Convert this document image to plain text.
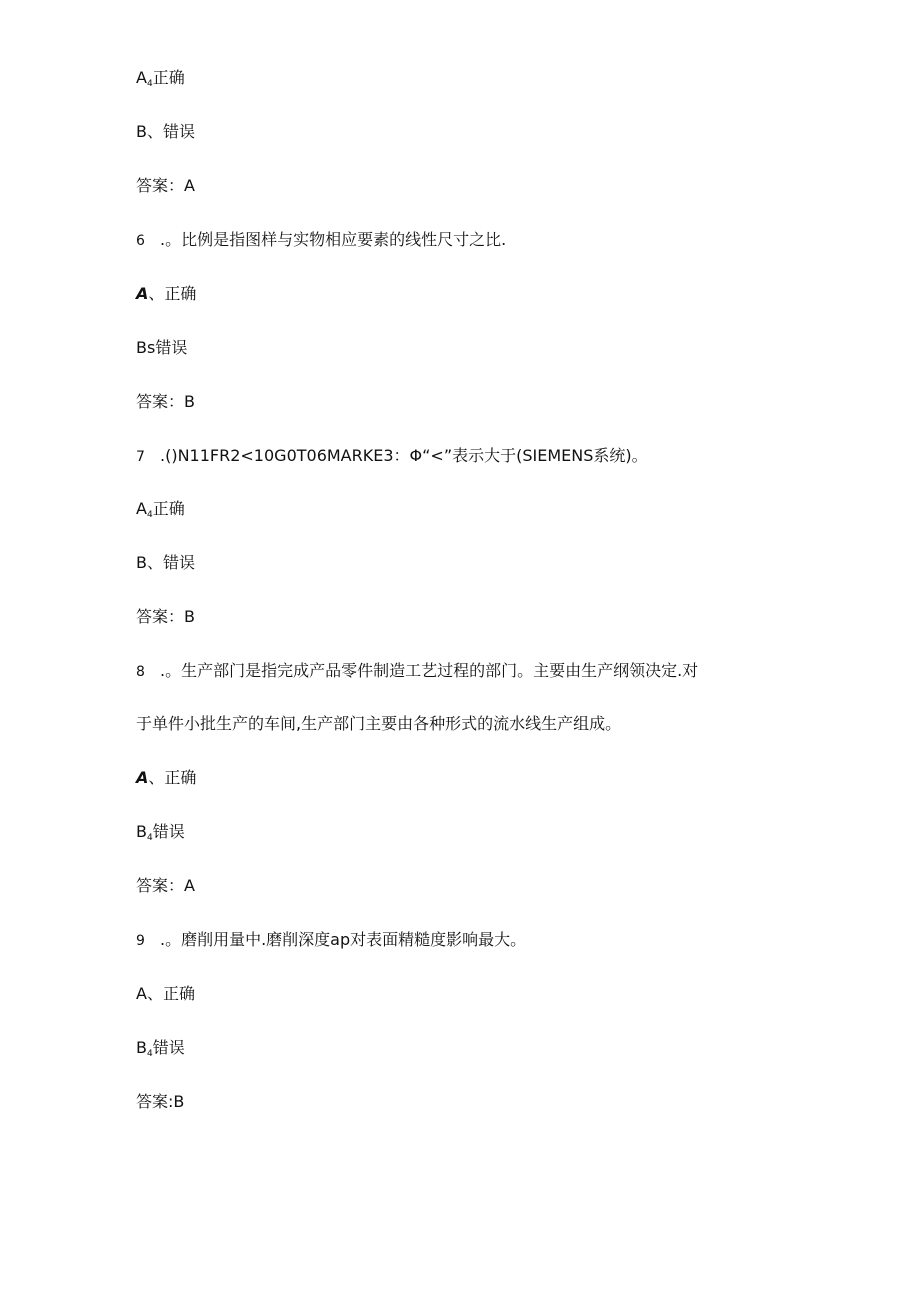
$A_4$正确
B、错误
答案：A
6 .。比例是指图样与实物相应要素的线性尺寸之比.
A、正确
Bs错误
答案：B
7 .()N11FR2<10G0T06MARKE3：Φ“<”表示大于(SIEMENS系统)。
$A_4$正确
B、错误
答案：B
8 .。生产部门是指完成产品零件制造工艺过程的部门。主要由生产纲领决定.对
于单件小批生产的车间,生产部门主要由各种形式的流水线生产组成。
A、正确
$B_4$错误
答案：A
9 .。磨削用量中.磨削深度ap对表面精糙度影响最大。
A、正确
$B_4$错误
答案:B
